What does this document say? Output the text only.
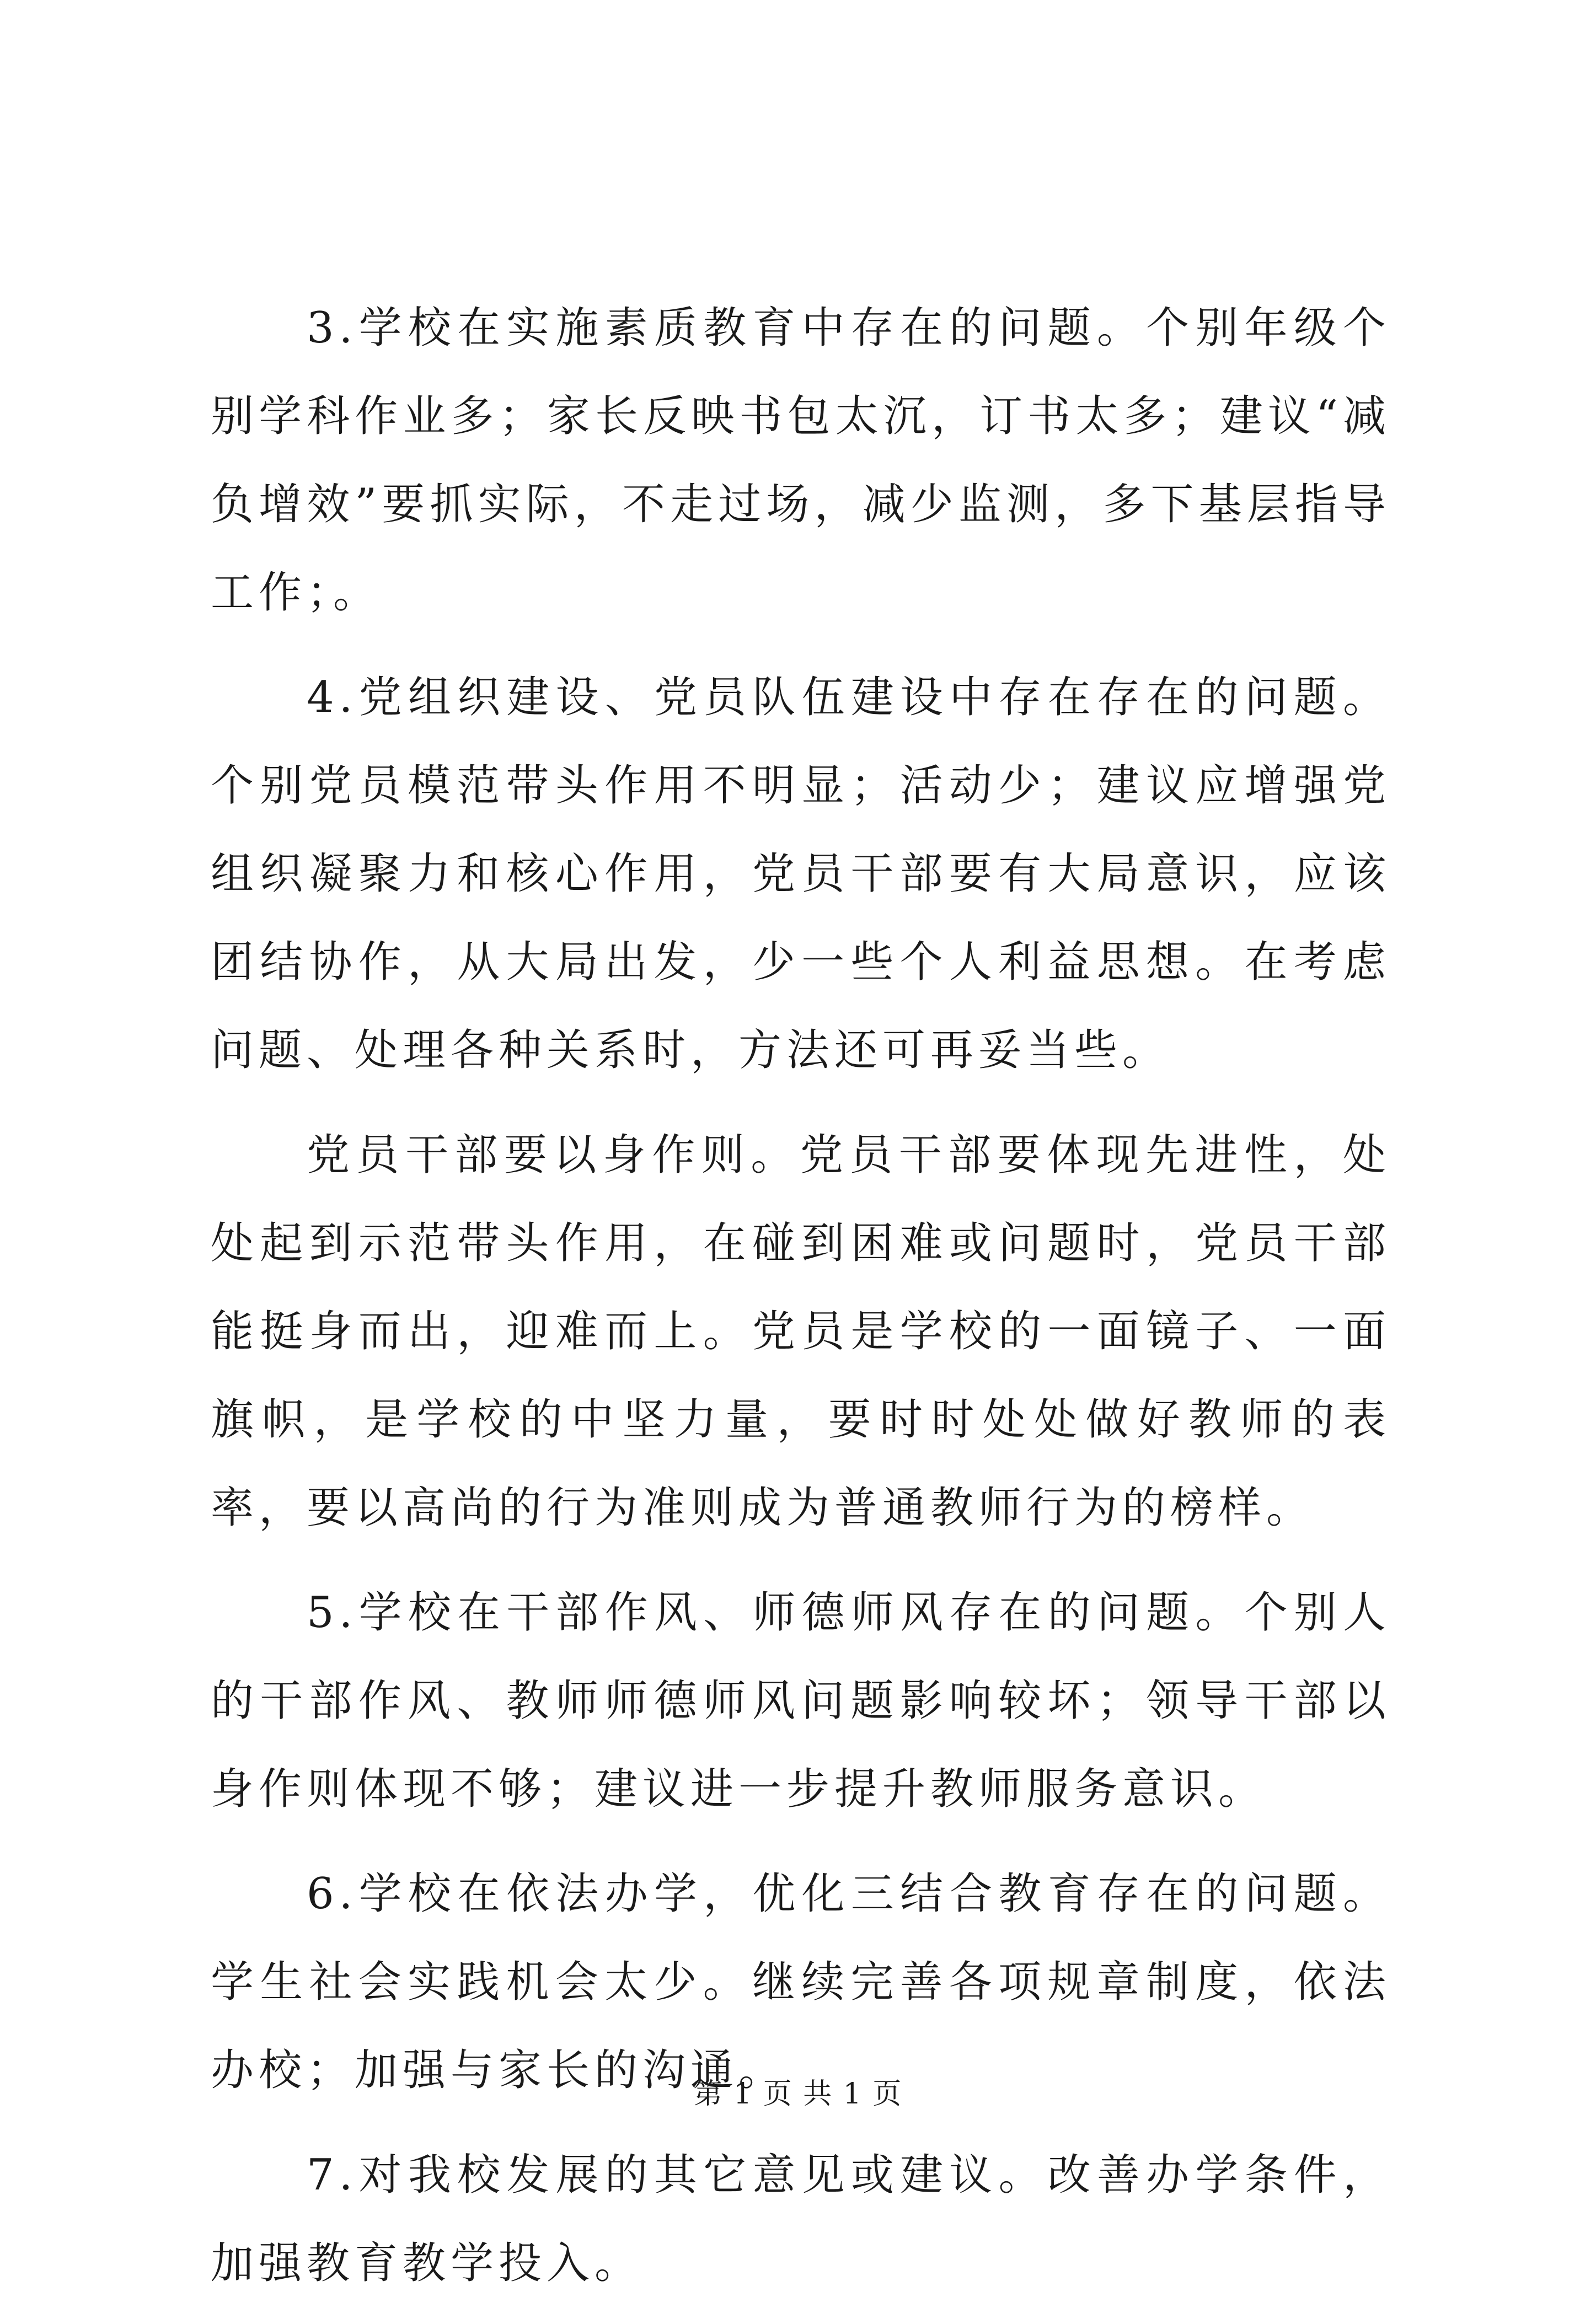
3.学校在实施素质教育中存在的问题。个别年级个别学科作业多；家长反映书包太沉，订书太多；建议“减负增效”要抓实际，不走过场，减少监测，多下基层指导工作；。

4.党组织建设、党员队伍建设中存在存在的问题。个别党员模范带头作用不明显；活动少；建议应增强党组织凝聚力和核心作用，党员干部要有大局意识，应该团结协作，从大局出发，少一些个人利益思想。在考虑问题、处理各种关系时，方法还可再妥当些。

党员干部要以身作则。党员干部要体现先进性，处处起到示范带头作用，在碰到困难或问题时，党员干部能挺身而出，迎难而上。党员是学校的一面镜子、一面旗帜，是学校的中坚力量，要时时处处做好教师的表率，要以高尚的行为准则成为普通教师行为的榜样。

5.学校在干部作风、师德师风存在的问题。个别人的干部作风、教师师德师风问题影响较坏；领导干部以身作则体现不够；建议进一步提升教师服务意识。

6.学校在依法办学，优化三结合教育存在的问题。学生社会实践机会太少。继续完善各项规章制度，依法办校；加强与家长的沟通。

7.对我校发展的其它意见或建议。改善办学条件，加强教育教学投入。

第 1 页 共 1 页
